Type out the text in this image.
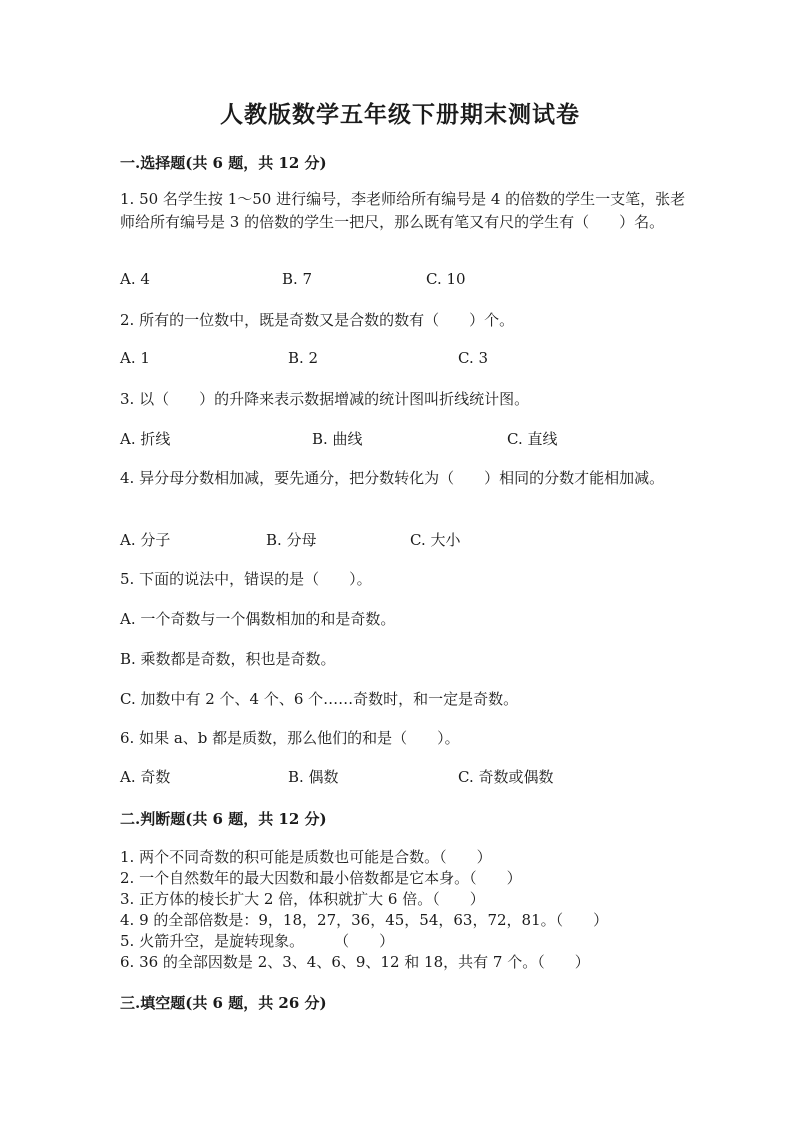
人教版数学五年级下册期末测试卷
一.选择题(共 6 题，共 12 分)
1. 50 名学生按 1～50 进行编号，李老师给所有编号是 4 的倍数的学生一支笔，张老师给所有编号是 3 的倍数的学生一把尺，那么既有笔又有尺的学生有（　　）名。
A. 4	B. 7	C. 10
2. 所有的一位数中，既是奇数又是合数的数有（　　）个。
A. 1	B. 2	C. 3
3. 以（　　）的升降来表示数据增减的统计图叫折线统计图。
A. 折线	B. 曲线	C. 直线
4. 异分母分数相加减，要先通分，把分数转化为（　　）相同的分数才能相加减。
A. 分子	B. 分母	C. 大小
5. 下面的说法中，错误的是（　　）。
A. 一个奇数与一个偶数相加的和是奇数。
B. 乘数都是奇数，积也是奇数。
C. 加数中有 2 个、4 个、6 个……奇数时，和一定是奇数。
6. 如果 a、b 都是质数，那么他们的和是（　　）。
A. 奇数	B. 偶数	C. 奇数或偶数
二.判断题(共 6 题，共 12 分)
1. 两个不同奇数的积可能是质数也可能是合数。（　　）
2. 一个自然数年的最大因数和最小倍数都是它本身。（　　）
3. 正方体的棱长扩大 2 倍，体积就扩大 6 倍。（　　）
4. 9 的全部倍数是：9，18，27，36，45，54，63，72，81。（　　）
5. 火箭升空，是旋转现象。　　　（　　）
6. 36 的全部因数是 2、3、4、6、9、12 和 18，共有 7 个。（　　）
三.填空题(共 6 题，共 26 分)
